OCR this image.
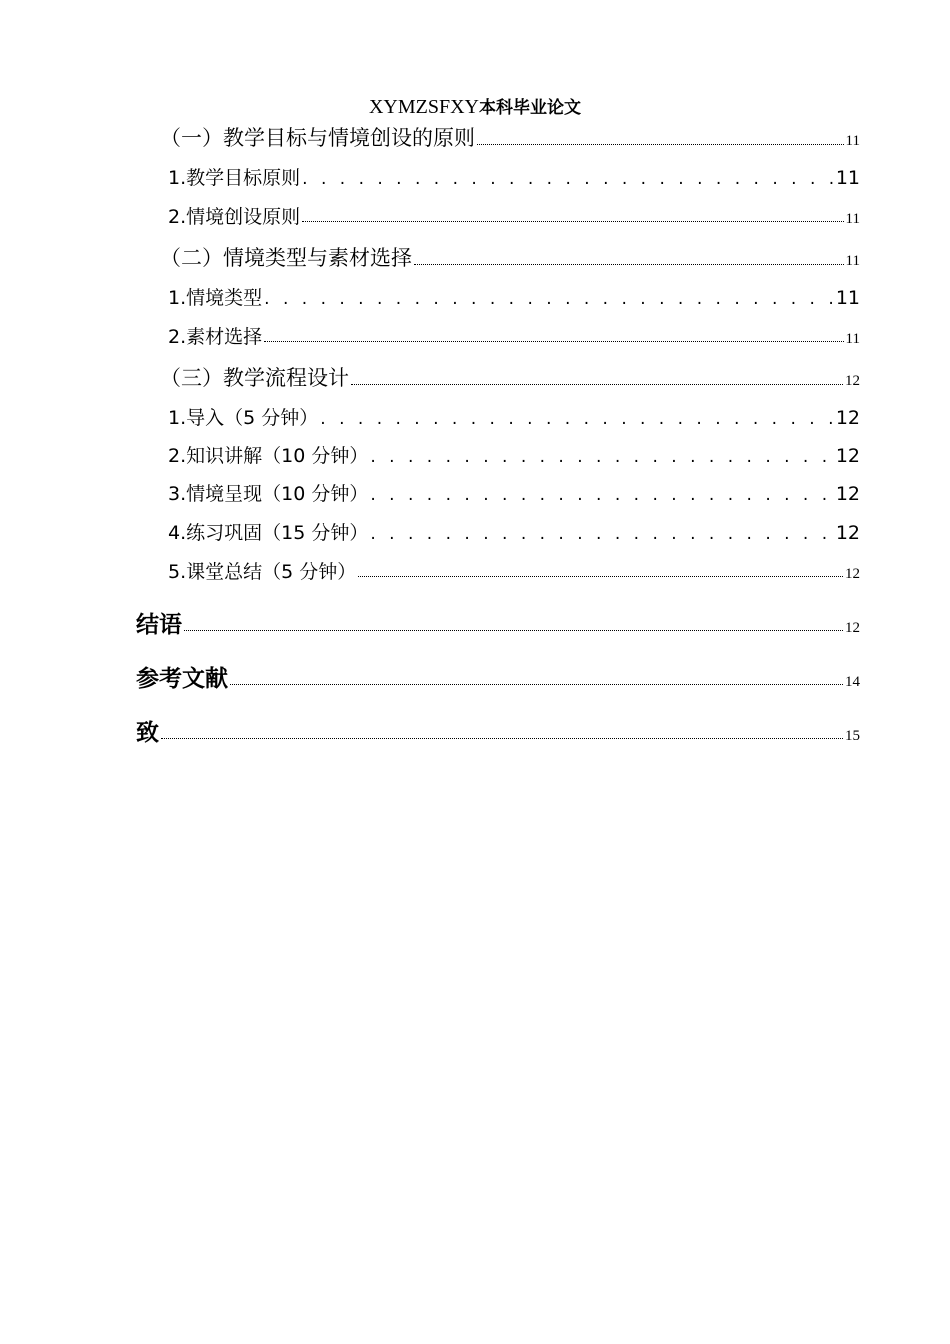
XYMZSFXY本科毕业论文
（一）教学目标与情境创设的原则	11
1.教学目标原则 . . .	11
2.情境创设原则	11
（二）情境类型与素材选择	11
1.情境类型 . . .	11
2.素材选择	11
（三）教学流程设计	12
1.导入（5 分钟） . . .	12
2.知识讲解（10 分钟） . . .	12
3.情境呈现（10 分钟） . . .	12
4.练习巩固（15 分钟） . . .	12
5.课堂总结（5 分钟）	12
结语	12
参考文献	14
致	15
